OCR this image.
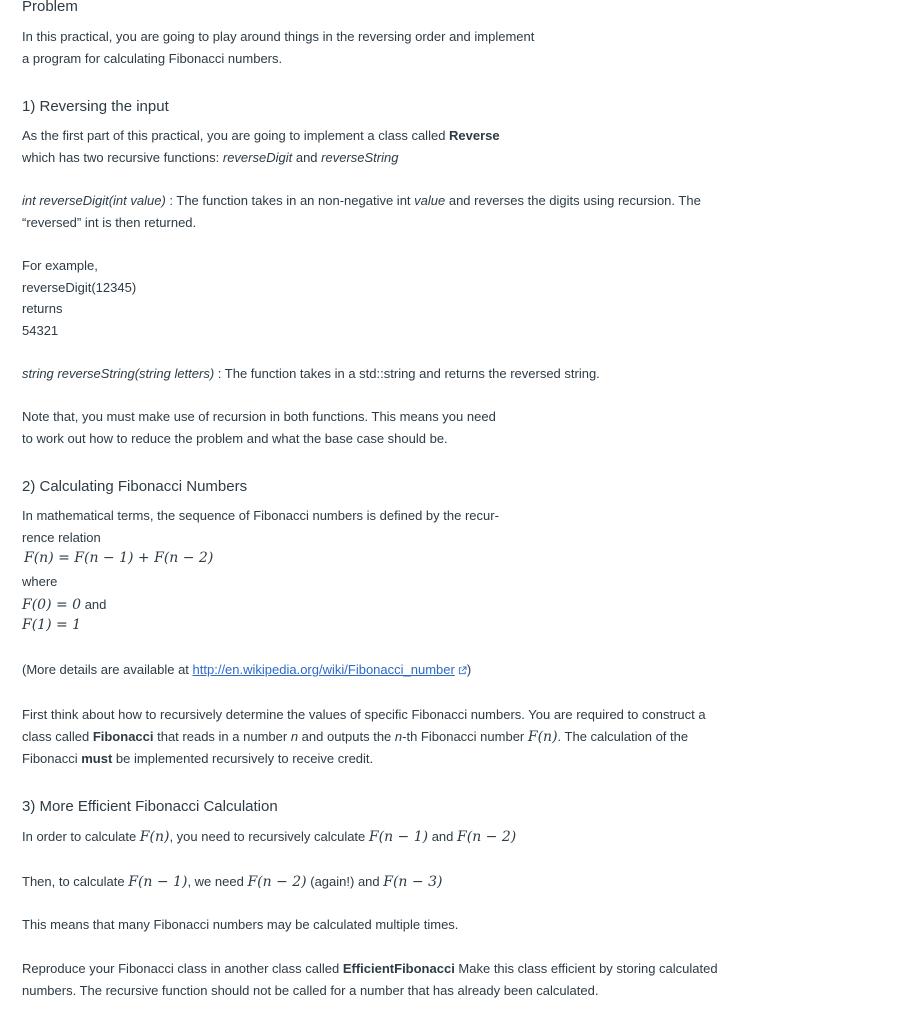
Problem
In this practical, you are going to play around things in the reversing order and implement
a program for calculating Fibonacci numbers.
1) Reversing the input
As the first part of this practical, you are going to implement a class called Reverse
which has two recursive functions: reverseDigit and reverseString
int reverseDigit(int value) : The function takes in an non-negative int value and reverses the digits using recursion. The
“reversed” int is then returned.
For example,
reverseDigit(12345)
returns
54321
string reverseString(string letters) : The function takes in a std::string and returns the reversed string.
Note that, you must make use of recursion in both functions. This means you need
to work out how to reduce the problem and what the base case should be.
2) Calculating Fibonacci Numbers
In mathematical terms, the sequence of Fibonacci numbers is defined by the recur-
rence relation
F(n) = F(n − 1) + F(n − 2)
where
F(0) = 0 and
F(1) = 1
(More details are available at http://en.wikipedia.org/wiki/Fibonacci_number )
First think about how to recursively determine the values of specific Fibonacci numbers. You are required to construct a
class called Fibonacci that reads in a number n and outputs the n-th Fibonacci number F(n). The calculation of the
Fibonacci must be implemented recursively to receive credit.
3) More Efficient Fibonacci Calculation
In order to calculate F(n), you need to recursively calculate F(n − 1) and F(n − 2)
Then, to calculate F(n − 1), we need F(n − 2) (again!) and F(n − 3)
This means that many Fibonacci numbers may be calculated multiple times.
Reproduce your Fibonacci class in another class called EfficientFibonacci Make this class efficient by storing calculated
numbers. The recursive function should not be called for a number that has already been calculated.
